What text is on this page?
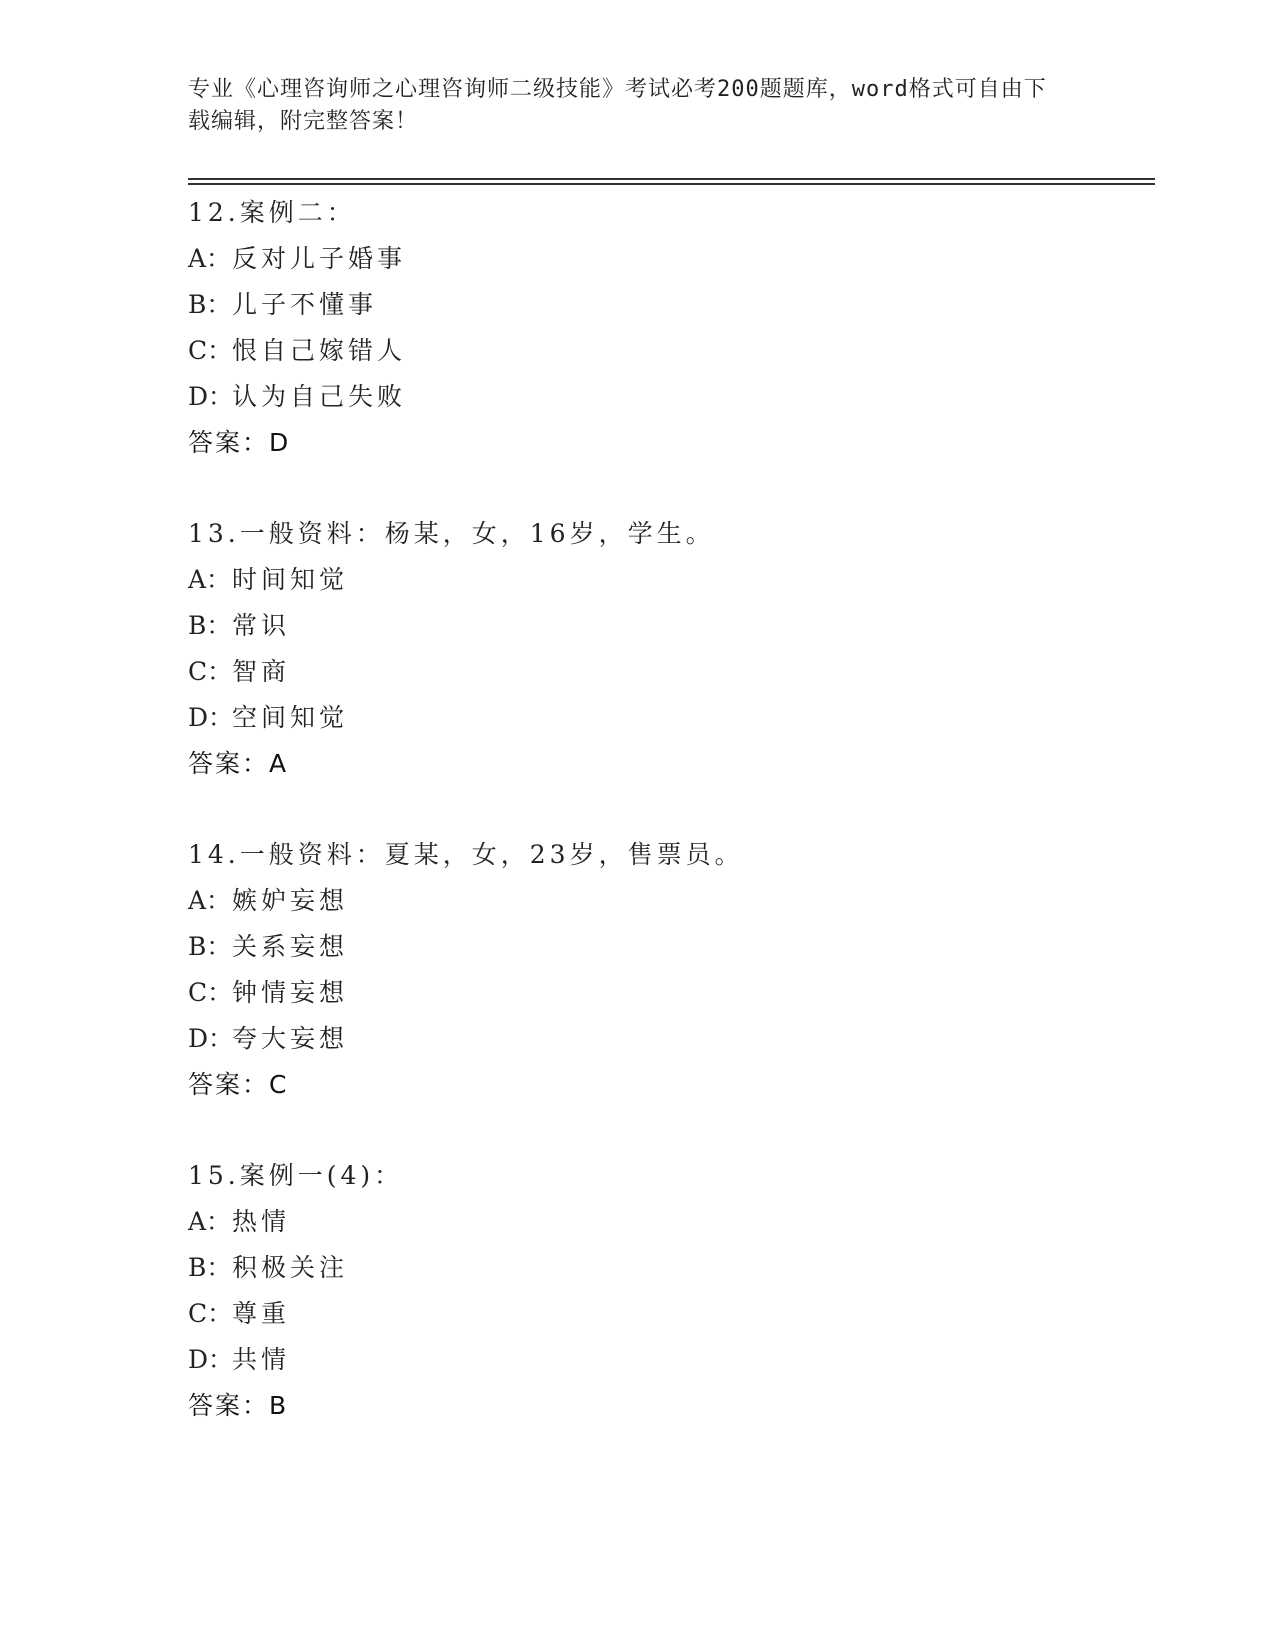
专业《心理咨询师之心理咨询师二级技能》考试必考200题题库，word格式可自由下载编辑，附完整答案！
12.案例二：
A：反对儿子婚事
B：儿子不懂事
C：恨自己嫁错人
D：认为自己失败
答案：D
13.一般资料：杨某，女，16岁，学生。
A：时间知觉
B：常识
C：智商
D：空间知觉
答案：A
14.一般资料：夏某，女，23岁，售票员。
A：嫉妒妄想
B：关系妄想
C：钟情妄想
D：夸大妄想
答案：C
15.案例一(4)：
A：热情
B：积极关注
C：尊重
D：共情
答案：B
